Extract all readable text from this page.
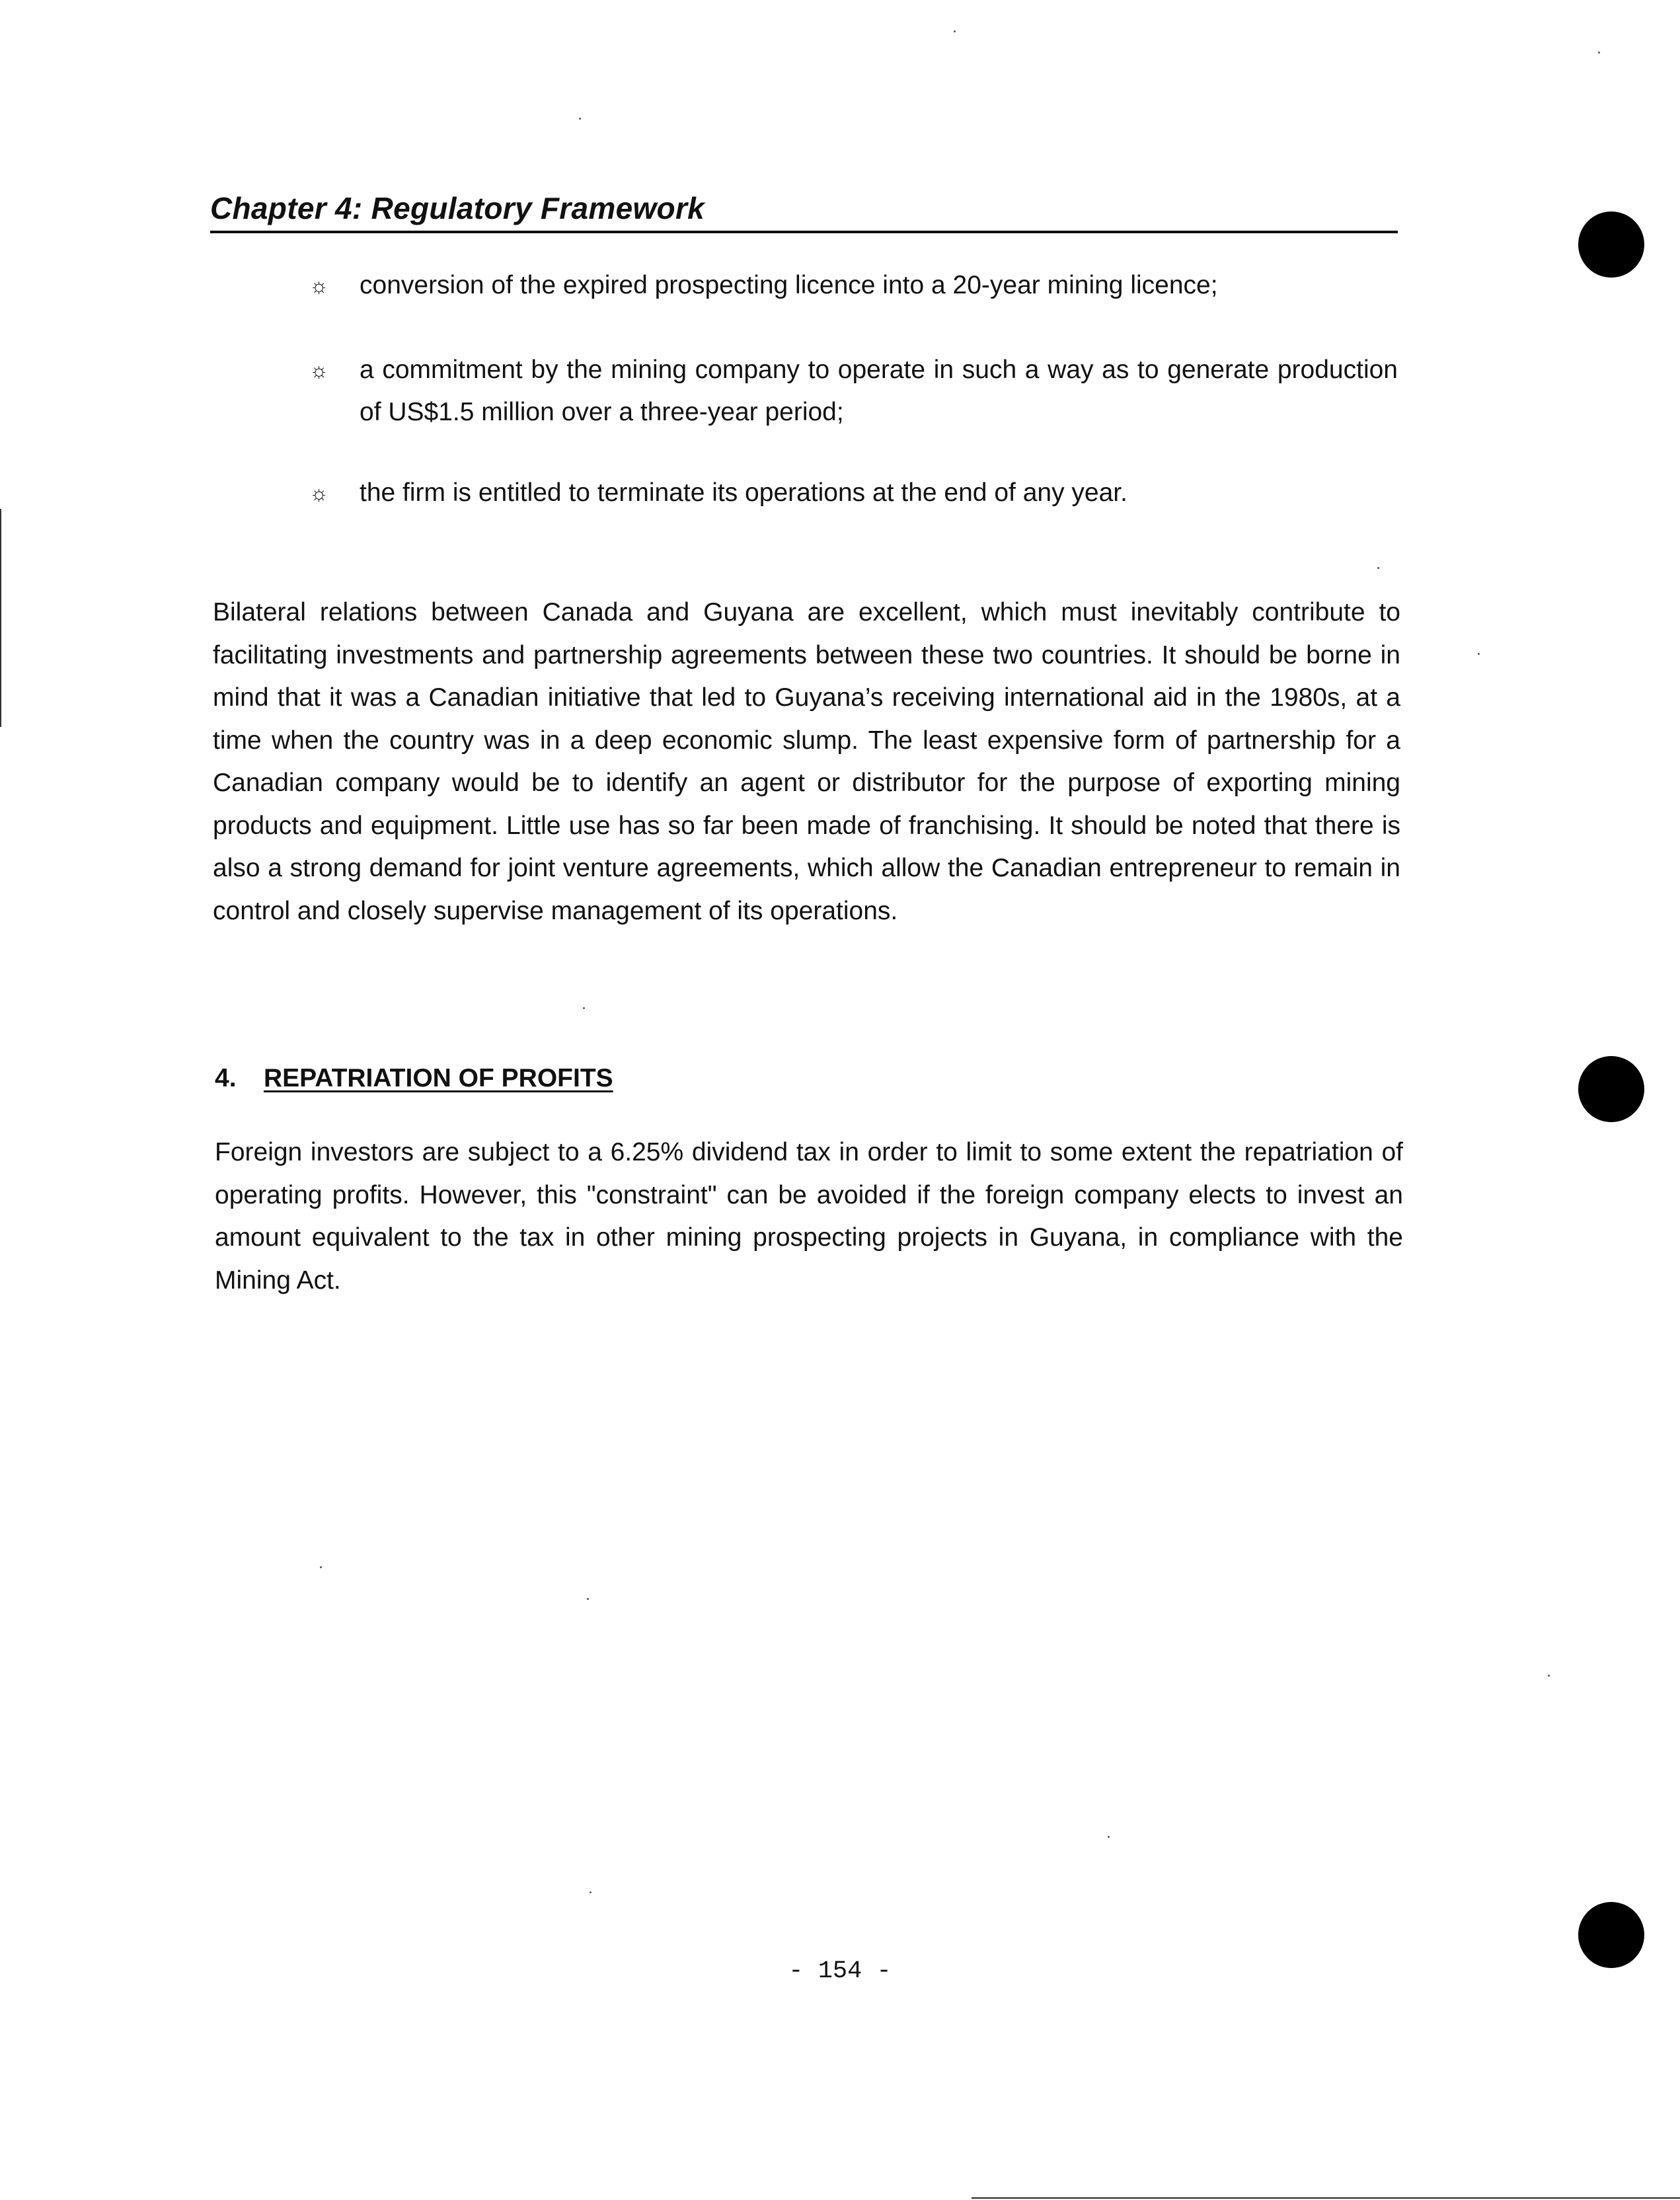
Chapter 4: Regulatory Framework
☼ conversion of the expired prospecting licence into a 20-year mining licence;
☼ a commitment by the mining company to operate in such a way as to generate production of US$1.5 million over a three-year period;
☼ the firm is entitled to terminate its operations at the end of any year.
Bilateral relations between Canada and Guyana are excellent, which must inevitably contribute to facilitating investments and partnership agreements between these two countries. It should be borne in mind that it was a Canadian initiative that led to Guyana’s receiving international aid in the 1980s, at a time when the country was in a deep economic slump. The least expensive form of partnership for a Canadian company would be to identify an agent or distributor for the purpose of exporting mining products and equipment. Little use has so far been made of franchising. It should be noted that there is also a strong demand for joint venture agreements, which allow the Canadian entrepreneur to remain in control and closely supervise management of its operations.
4. REPATRIATION OF PROFITS
Foreign investors are subject to a 6.25% dividend tax in order to limit to some extent the repatriation of operating profits. However, this "constraint" can be avoided if the foreign company elects to invest an amount equivalent to the tax in other mining prospecting projects in Guyana, in compliance with the Mining Act.
- 154 -
